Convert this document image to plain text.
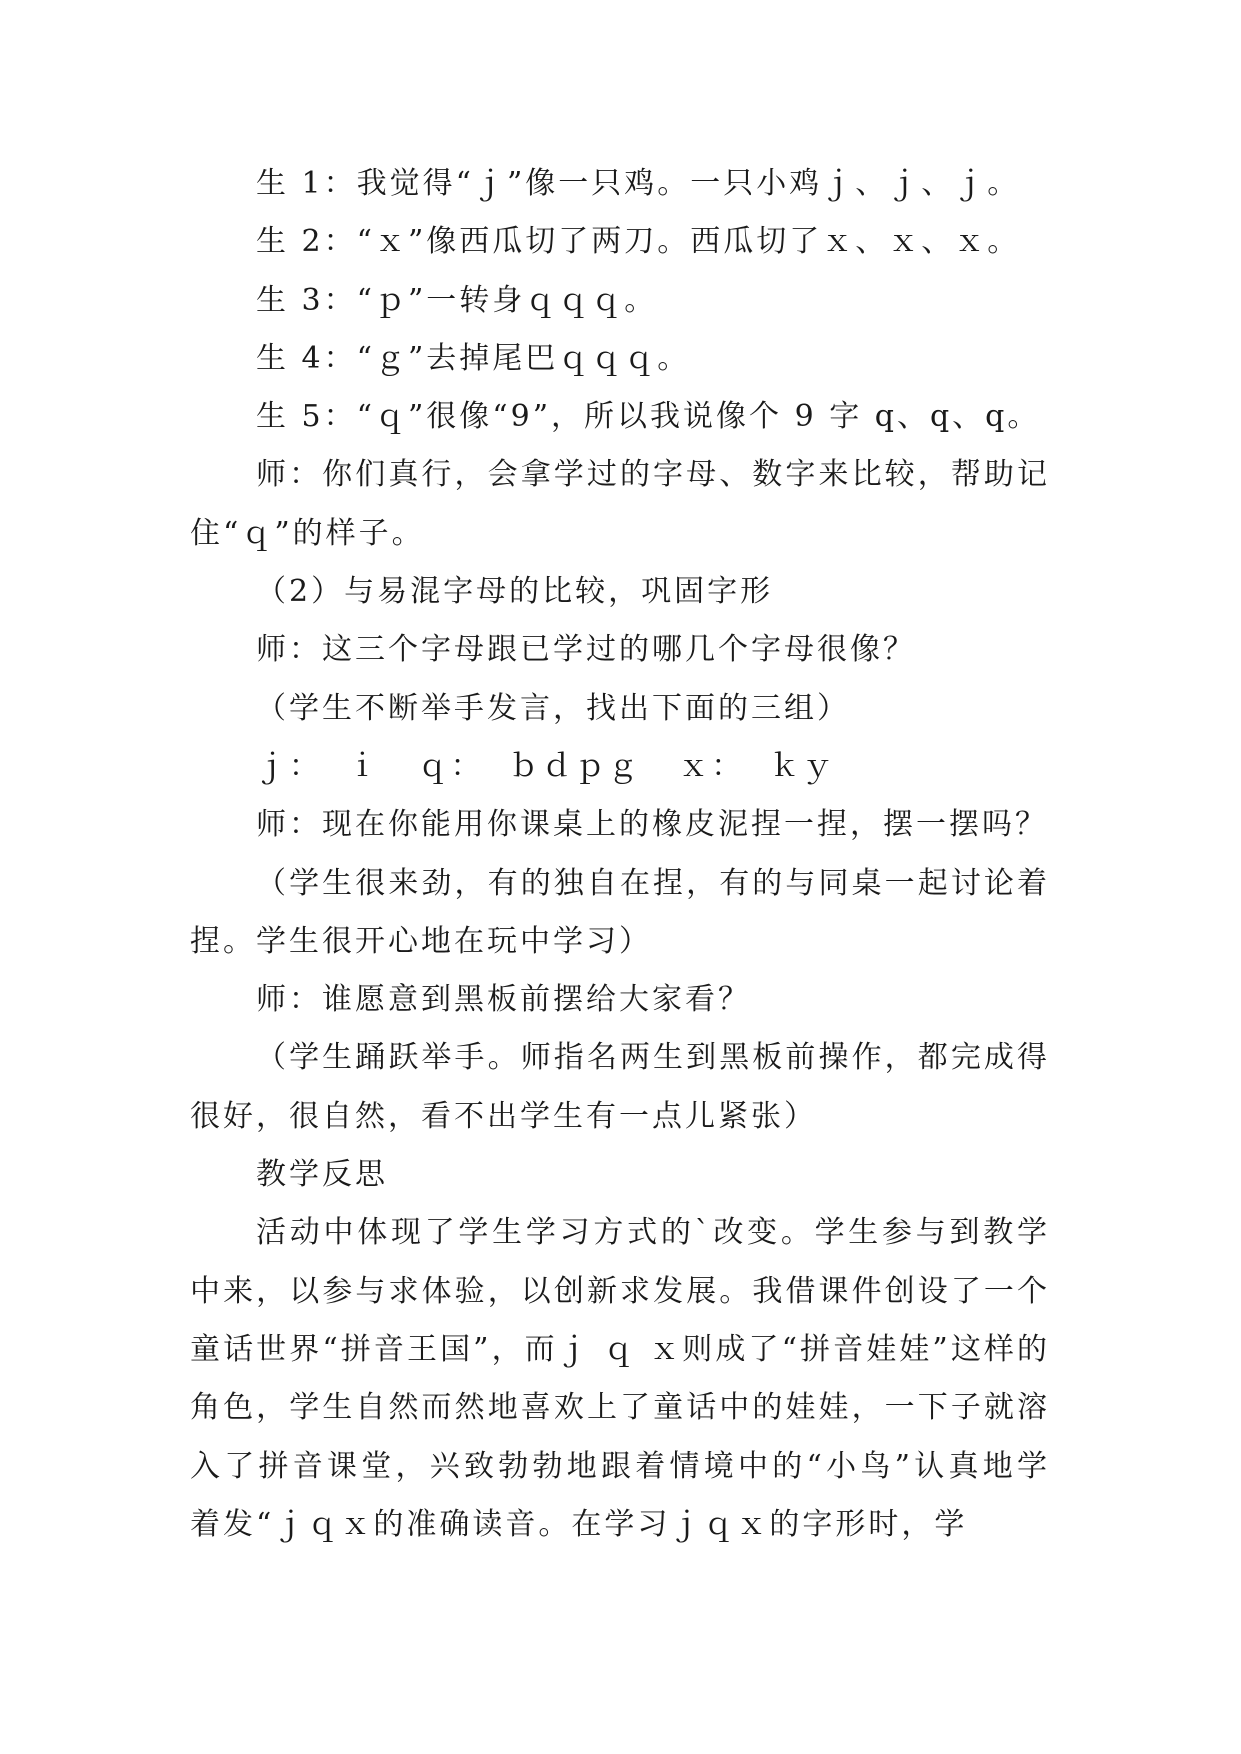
生 1：我觉得“ｊ”像一只鸡。一只小鸡ｊ、ｊ、ｊ。

生 2：“ｘ”像西瓜切了两刀。西瓜切了ｘ、ｘ、ｘ。

生 3：“ｐ”一转身ｑｑｑ。

生 4：“ｇ”去掉尾巴ｑｑｑ。

生 5：“ｑ”很像“9”，所以我说像个 9 字 q、q、q。

师：你们真行，会拿学过的字母、数字来比较，帮助记住“ｑ”的样子。

（2）与易混字母的比较，巩固字形

师：这三个字母跟已学过的哪几个字母很像？

（学生不断举手发言，找出下面的三组）

ｊ：  ｉ   ｑ：  ｂｄｐｇ   ｘ：  ｋｙ

师：现在你能用你课桌上的橡皮泥捏一捏，摆一摆吗？

（学生很来劲，有的独自在捏，有的与同桌一起讨论着捏。学生很开心地在玩中学习）

师：谁愿意到黑板前摆给大家看？

（学生踊跃举手。师指名两生到黑板前操作，都完成得很好，很自然，看不出学生有一点儿紧张）

教学反思

活动中体现了学生学习方式的`改变。学生参与到教学中来，以参与求体验，以创新求发展。我借课件创设了一个童话世界“拼音王国”，而ｊ ｑ ｘ则成了“拼音娃娃”这样的角色，学生自然而然地喜欢上了童话中的娃娃，一下子就溶入了拼音课堂，兴致勃勃地跟着情境中的“小鸟”认真地学着发“ｊｑｘ的准确读音。在学习ｊｑｘ的字形时，学
